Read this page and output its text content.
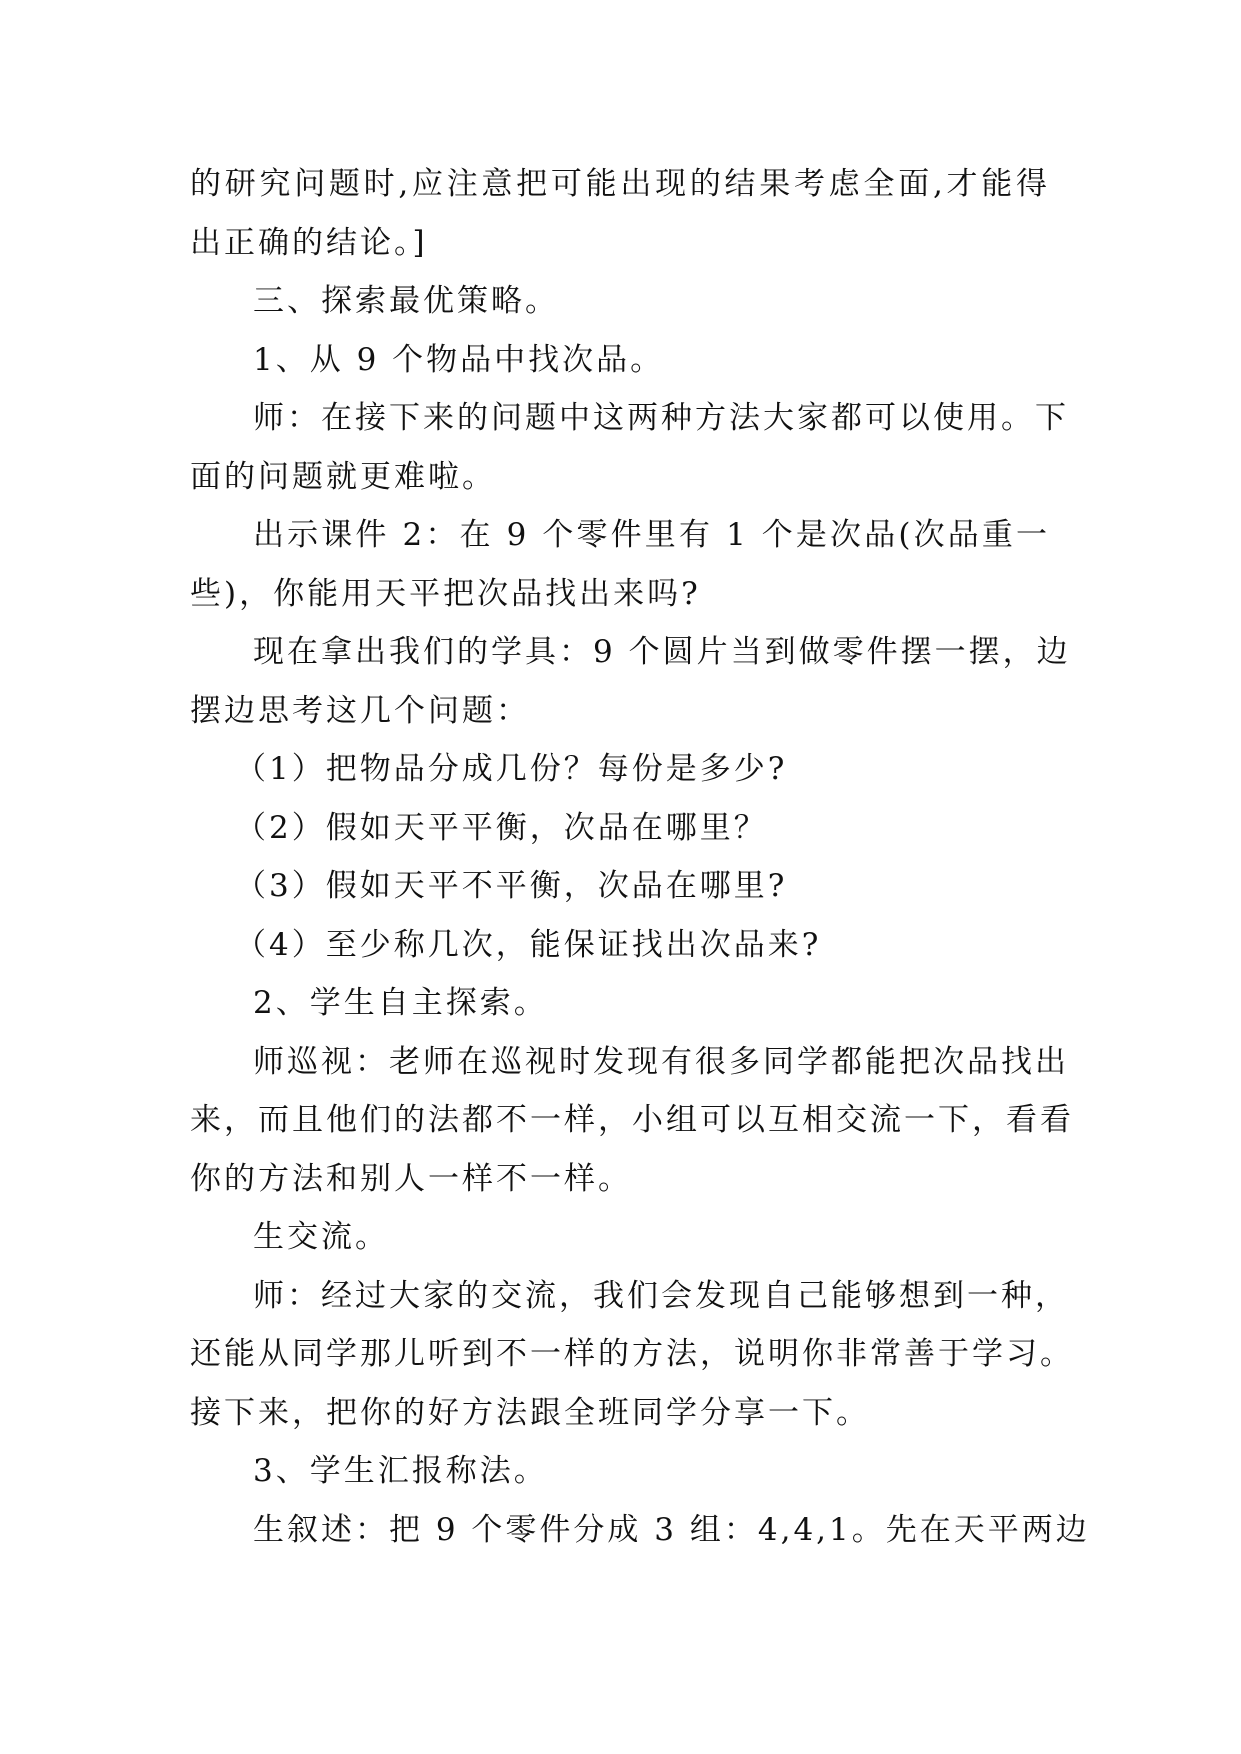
的研究问题时,应注意把可能出现的结果考虑全面,才能得
出正确的结论。]
三、探索最优策略。
1、从 9 个物品中找次品。
师：在接下来的问题中这两种方法大家都可以使用。下
面的问题就更难啦。
出示课件 2：在 9 个零件里有 1 个是次品(次品重一
些)，你能用天平把次品找出来吗?
现在拿出我们的学具：9 个圆片当到做零件摆一摆，边
摆边思考这几个问题：
（1）把物品分成几份？每份是多少?
（2）假如天平平衡，次品在哪里？
（3）假如天平不平衡，次品在哪里?
（4）至少称几次，能保证找出次品来?
2、学生自主探索。
师巡视：老师在巡视时发现有很多同学都能把次品找出
来，而且他们的法都不一样，小组可以互相交流一下，看看
你的方法和别人一样不一样。
生交流。
师：经过大家的交流，我们会发现自己能够想到一种，
还能从同学那儿听到不一样的方法，说明你非常善于学习。
接下来，把你的好方法跟全班同学分享一下。
3、学生汇报称法。
生叙述：把 9 个零件分成 3 组：4,4,1。先在天平两边
